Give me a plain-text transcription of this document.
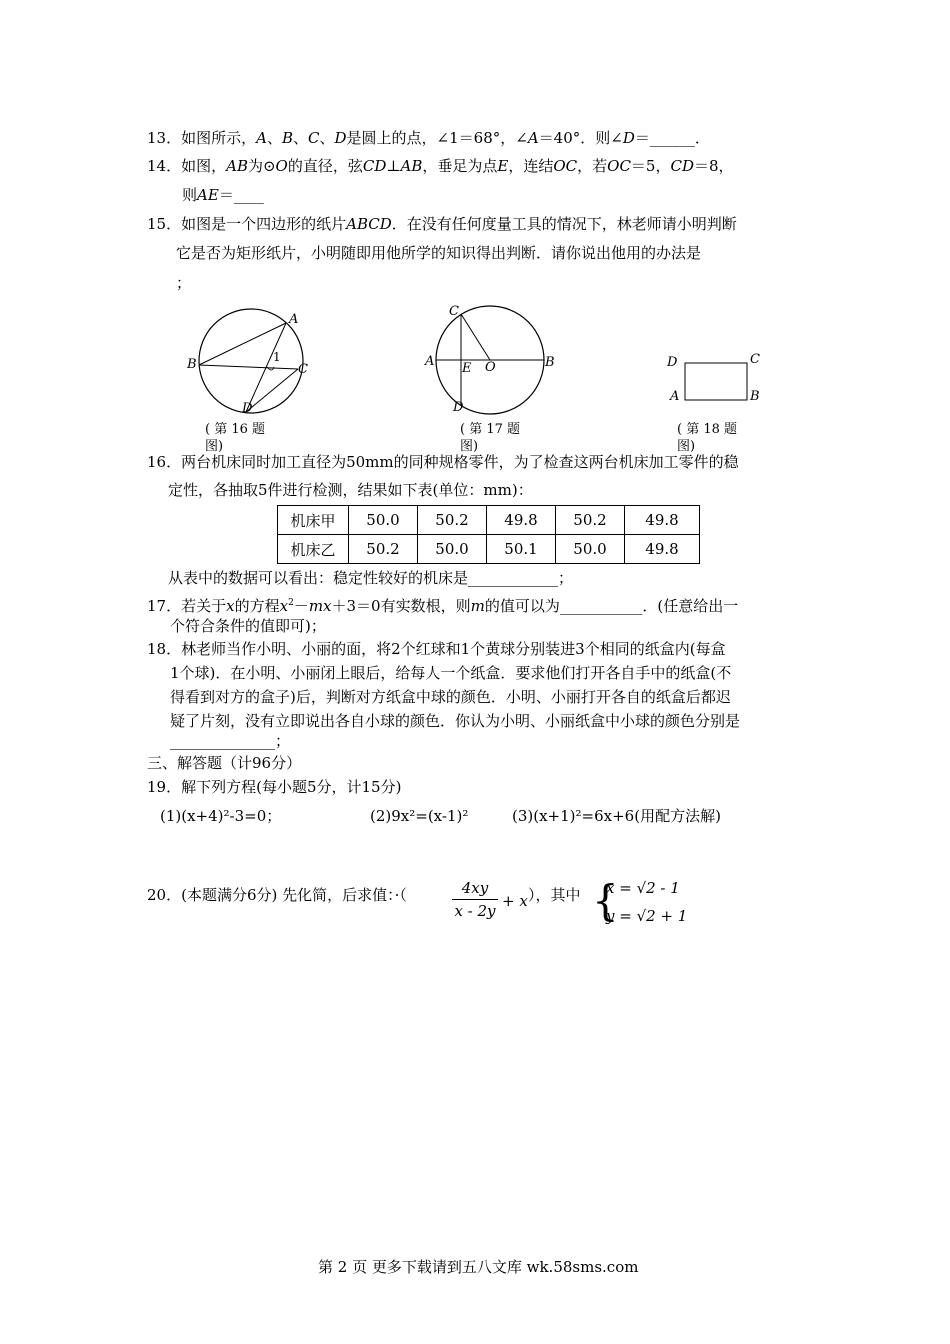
13．如图所示，A、B、C、D是圆上的点，∠1＝68°，∠A＝40°．则∠D＝______．
14．如图，AB为⊙O的直径，弦CD⊥AB，垂足为点E，连结OC，若OC＝5，CD＝8，
则AE＝____
15．如图是一个四边形的纸片ABCD．在没有任何度量工具的情况下，林老师请小明判断
它是否为矩形纸片，小明随即用他所学的知识得出判断．请你说出他用的办法是
；
A
B	C
D
1
( 第 16 题 图)
A	B
C
D
E O
( 第 17 题 图)
D	C
A	B
( 第 18 题 图)
16．两台机床同时加工直径为50mm的同种规格零件，为了检查这两台机床加工零件的稳
定性，各抽取5件进行检测，结果如下表(单位：mm)：
机床甲	50.0	50.2	49.8	50.2	49.8
机床乙	50.2	50.0	50.1	50.0	49.8
从表中的数据可以看出：稳定性较好的机床是____________；
17．若关于x的方程$x^2-mx+3=0$有实数根，则m的值可以为___________．(任意给出一
个符合条件的值即可)；
18．林老师当作小明、小丽的面，将2个红球和1个黄球分别装进3个相同的纸盒内(每盒
1个球)．在小明、小丽闭上眼后，给每人一个纸盒．要求他们打开各自手中的纸盒(不
得看到对方的盒子)后，判断对方纸盒中球的颜色．小明、小丽打开各自的纸盒后都迟
疑了片刻，没有立即说出各自小球的颜色．你认为小明、小丽纸盒中小球的颜色分别是
______________；
三、解答题（计96分）
19．解下列方程(每小题5分，计15分)
(1)(x+4)²-3=0；	(2)9x²=(x-1)²	(3)(x+1)²=6x+6(用配方法解)
20．(本题满分6分) 先化简，后求值：·（	4xy
x - 2y
+ x ），其中 {
x = √2 - 1
y = √2 + 1
第 2 页 更多下载请到五八文库 wk.58sms.com
